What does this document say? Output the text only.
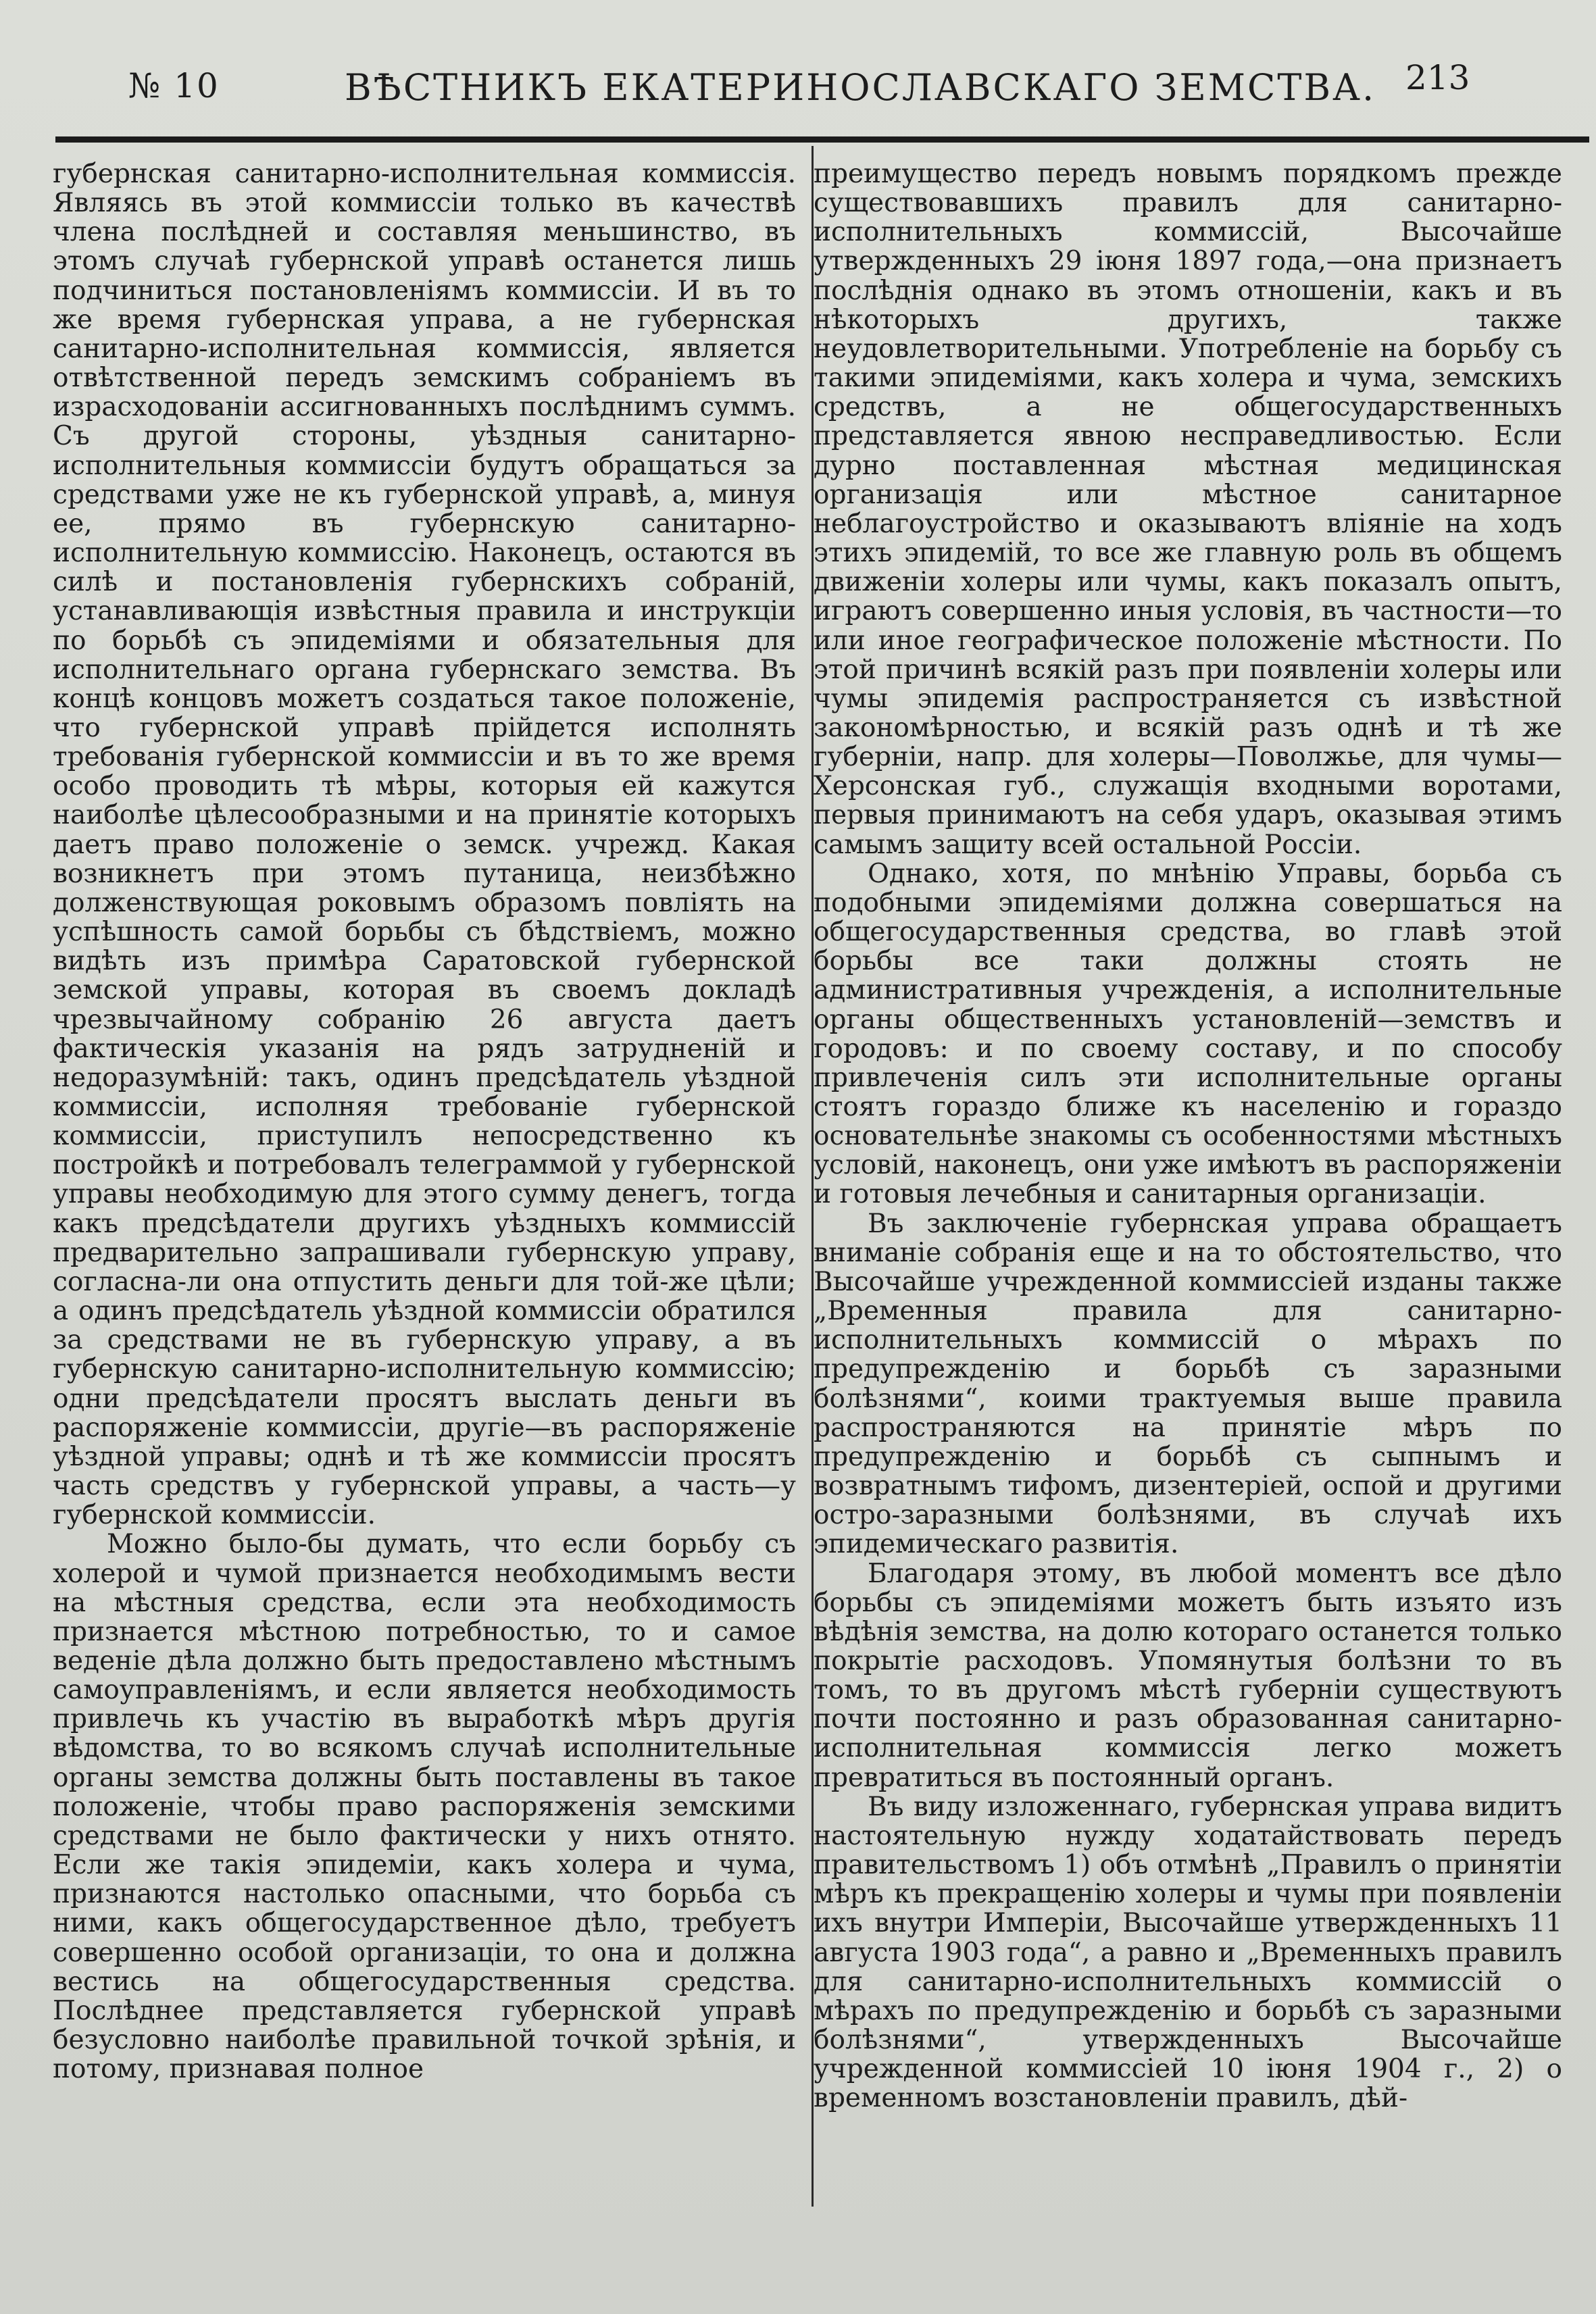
№ 10	ВѢСТНИКЪ ЕКАТЕРИНОСЛАВСКАГО ЗЕМСТВА. 213

губернская санитарно-исполнительная коммиссія. Являясь въ этой коммиссіи только въ качествѣ члена послѣдней и составляя меньшинство, въ этомъ случаѣ губернской управѣ останется лишь подчиниться постановленіямъ коммиссіи. И въ то же время губернская управа, а не губернская санитарно-исполнительная коммиссія, является отвѣтственной передъ земскимъ собраніемъ въ израсходованіи ассигнованныхъ послѣднимъ суммъ. Съ другой стороны, уѣздныя санитарно-исполнительныя коммиссіи будутъ обращаться за средствами уже не къ губернской управѣ, а, минуя ее, прямо въ губернскую санитарно-исполнительную коммиссію. Наконецъ, остаются въ силѣ и постановленія губернскихъ собраній, устанавливающія извѣстныя правила и инструкціи по борьбѣ съ эпидеміями и обязательныя для исполнительнаго органа губернскаго земства. Въ концѣ концовъ можетъ создаться такое положеніе, что губернской управѣ прійдется исполнять требованія губернской коммиссіи и въ то же время особо проводить тѣ мѣры, которыя ей кажутся наиболѣе цѣлесообразными и на принятіе которыхъ даетъ право положеніе о земск. учрежд. Какая возникнетъ при этомъ путаница, неизбѣжно долженствующая роковымъ образомъ повліять на успѣшность самой борьбы съ бѣдствіемъ, можно видѣть изъ примѣра Саратовской губернской земской управы, которая въ своемъ докладѣ чрезвычайному собранію 26 августа даетъ фактическія указанія на рядъ затрудненій и недоразумѣній: такъ, одинъ предсѣдатель уѣздной коммиссіи, исполняя требованіе губернской коммиссіи, приступилъ непосредственно къ постройкѣ и потребовалъ телеграммой у губернской управы необходимую для этого сумму денегъ, тогда какъ предсѣдатели другихъ уѣздныхъ коммиссій предварительно запрашивали губернскую управу, согласна-ли она отпустить деньги для той-же цѣли; а одинъ предсѣдатель уѣздной коммиссіи обратился за средствами не въ губернскую управу, а въ губернскую санитарно-исполнительную коммиссію; одни предсѣдатели просятъ выслать деньги въ распоряженіе коммиссіи, другіе—въ распоряженіе уѣздной управы; однѣ и тѣ же коммиссіи просятъ часть средствъ у губернской управы, а часть—у губернской коммиссіи.

Можно было-бы думать, что если борьбу съ холерой и чумой признается необходимымъ вести на мѣстныя средства, если эта необходимость признается мѣстною потребностью, то и самое веденіе дѣла должно быть предоставлено мѣстнымъ самоуправленіямъ, и если является необходимость привлечь къ участію въ выработкѣ мѣръ другія вѣдомства, то во всякомъ случаѣ исполнительные органы земства должны быть поставлены въ такое положеніе, чтобы право распоряженія земскими средствами не было фактически у нихъ отнято. Если же такія эпидеміи, какъ холера и чума, признаются настолько опасными, что борьба съ ними, какъ общегосударственное дѣло, требуетъ совершенно особой организаціи, то она и должна вестись на общегосударственныя средства. Послѣднее представляется губернской управѣ безусловно наиболѣе правильной точкой зрѣнія, и потому, признавая полное

преимущество передъ новымъ порядкомъ прежде существовавшихъ правилъ для санитарно-исполнительныхъ коммиссій, Высочайше утвержденныхъ 29 іюня 1897 года,—она признаетъ послѣднія однако въ этомъ отношеніи, какъ и въ нѣкоторыхъ другихъ, также неудовлетворительными. Употребленіе на борьбу съ такими эпидеміями, какъ холера и чума, земскихъ средствъ, а не общегосударственныхъ представляется явною несправедливостью. Если дурно поставленная мѣстная медицинская организація или мѣстное санитарное неблагоустройство и оказываютъ вліяніе на ходъ этихъ эпидемій, то все же главную роль въ общемъ движеніи холеры или чумы, какъ показалъ опытъ, играютъ совершенно иныя условія, въ частности—то или иное географическое положеніе мѣстности. По этой причинѣ всякій разъ при появленіи холеры или чумы эпидемія распространяется съ извѣстной закономѣрностью, и всякій разъ однѣ и тѣ же губерніи, напр. для холеры—Поволжье, для чумы—Херсонская губ., служащія входными воротами, первыя принимаютъ на себя ударъ, оказывая этимъ самымъ защиту всей остальной Россіи.

Однако, хотя, по мнѣнію Управы, борьба съ подобными эпидеміями должна совершаться на общегосударственныя средства, во главѣ этой борьбы все таки должны стоять не административныя учрежденія, а исполнительные органы общественныхъ установленій—земствъ и городовъ: и по своему составу, и по способу привлеченія силъ эти исполнительные органы стоятъ гораздо ближе къ населенію и гораздо основательнѣе знакомы съ особенностями мѣстныхъ условій, наконецъ, они уже имѣютъ въ распоряженіи и готовыя лечебныя и санитарныя организаціи.

Въ заключеніе губернская управа обращаетъ вниманіе собранія еще и на то обстоятельство, что Высочайше учрежденной коммиссіей изданы также „Временныя правила для санитарно-исполнительныхъ коммиссій о мѣрахъ по предупрежденію и борьбѣ съ заразными болѣзнями“, коими трактуемыя выше правила распространяются на принятіе мѣръ по предупрежденію и борьбѣ съ сыпнымъ и возвратнымъ тифомъ, дизентеріей, оспой и другими остро-заразными болѣзнями, въ случаѣ ихъ эпидемическаго развитія.

Благодаря этому, въ любой моментъ все дѣло борьбы съ эпидеміями можетъ быть изъято изъ вѣдѣнія земства, на долю котораго останется только покрытіе расходовъ. Упомянутыя болѣзни то въ томъ, то въ другомъ мѣстѣ губерніи существуютъ почти постоянно и разъ образованная санитарно-исполнительная коммиссія легко можетъ превратиться въ постоянный органъ.

Въ виду изложеннаго, губернская управа видитъ настоятельную нужду ходатайствовать передъ правительствомъ 1) объ отмѣнѣ „Правилъ о принятіи мѣръ къ прекращенію холеры и чумы при появленіи ихъ внутри Имперіи, Высочайше утвержденныхъ 11 августа 1903 года“, а равно и „Временныхъ правилъ для санитарно-исполнительныхъ коммиссій о мѣрахъ по предупрежденію и борьбѣ съ заразными болѣзнями“, утвержденныхъ Высочайше учрежденной коммиссіей 10 іюня 1904 г., 2) о временномъ возстановленіи правилъ, дѣй-
